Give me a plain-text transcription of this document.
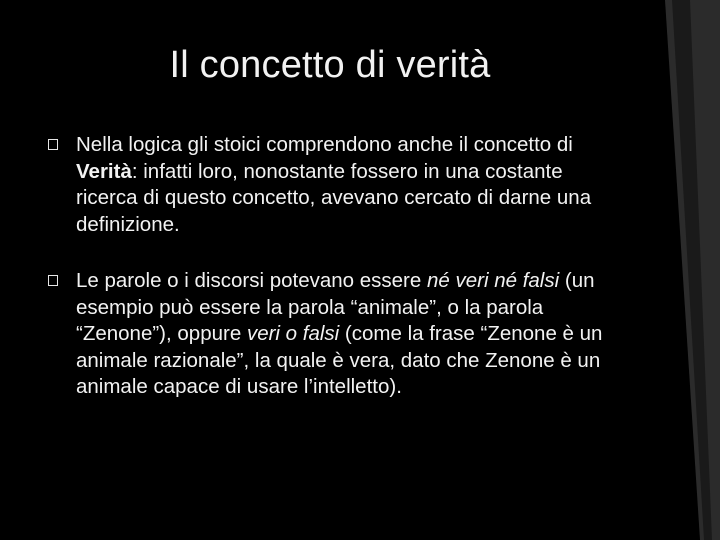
Il concetto di verità
Nella logica gli stoici comprendono anche il concetto di Verità: infatti loro, nonostante fossero in una costante ricerca di questo concetto, avevano cercato di darne una definizione.
Le parole o i discorsi potevano essere né veri né falsi (un esempio può essere la parola “animale”, o la parola “Zenone”), oppure veri o falsi (come la frase “Zenone è un animale razionale”, la quale è vera, dato che Zenone è un animale capace di usare l’intelletto).
